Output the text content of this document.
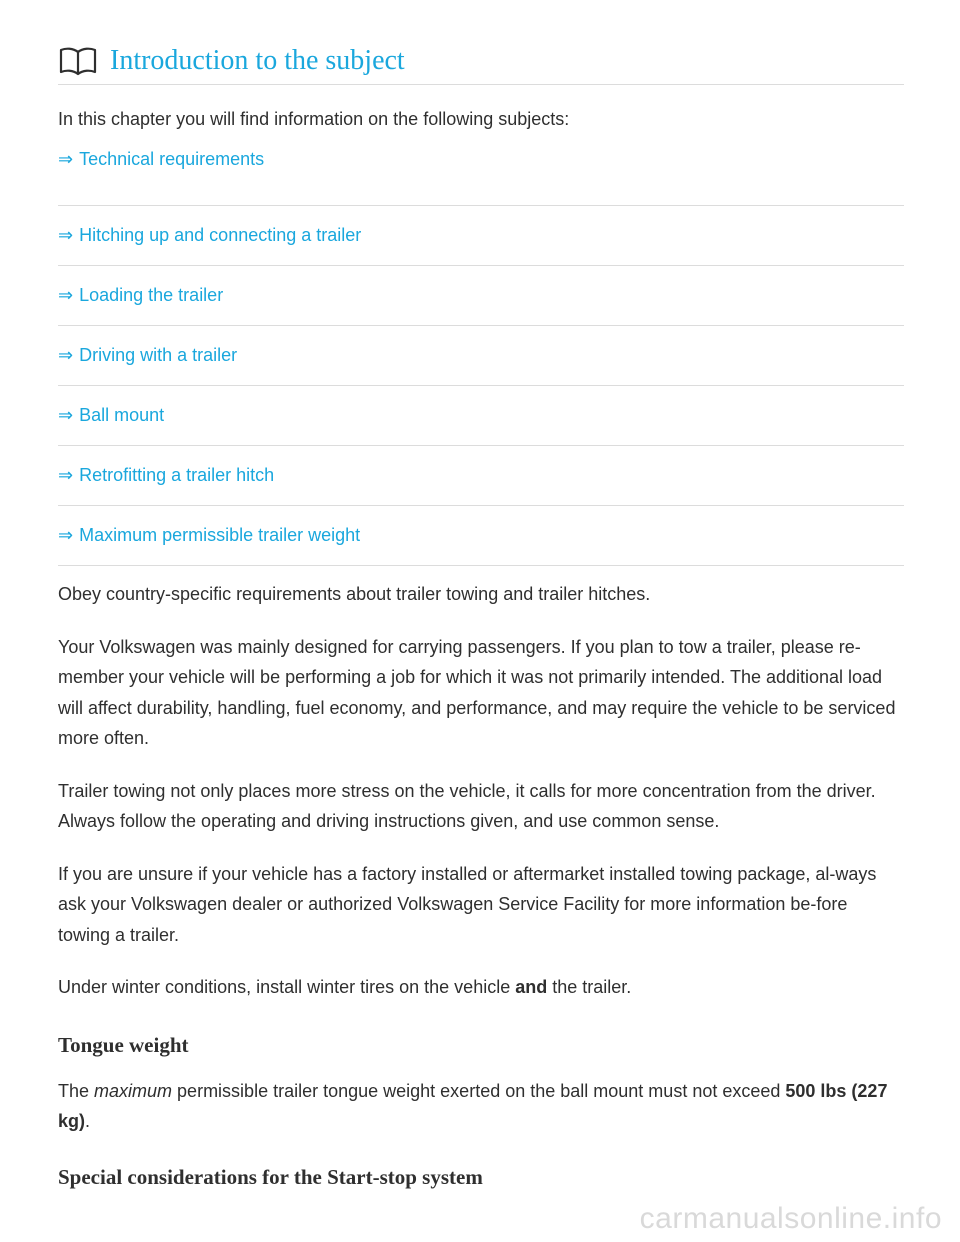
Introduction to the subject
In this chapter you will find information on the following subjects:
⇒ Technical requirements
⇒ Hitching up and connecting a trailer
⇒ Loading the trailer
⇒ Driving with a trailer
⇒ Ball mount
⇒ Retrofitting a trailer hitch
⇒ Maximum permissible trailer weight

Obey country-specific requirements about trailer towing and trailer hitches.

Your Volkswagen was mainly designed for carrying passengers. If you plan to tow a trailer, please re-member your vehicle will be performing a job for which it was not primarily intended. The additional load will affect durability, handling, fuel economy, and performance, and may require the vehicle to be serviced more often.

Trailer towing not only places more stress on the vehicle, it calls for more concentration from the driver. Always follow the operating and driving instructions given, and use common sense.

If you are unsure if your vehicle has a factory installed or aftermarket installed towing package, al-ways ask your Volkswagen dealer or authorized Volkswagen Service Facility for more information be-fore towing a trailer.

Under winter conditions, install winter tires on the vehicle and the trailer.

Tongue weight

The maximum permissible trailer tongue weight exerted on the ball mount must not exceed 500 lbs (227 kg).

Special considerations for the Start-stop system
carmanualsonline.info
